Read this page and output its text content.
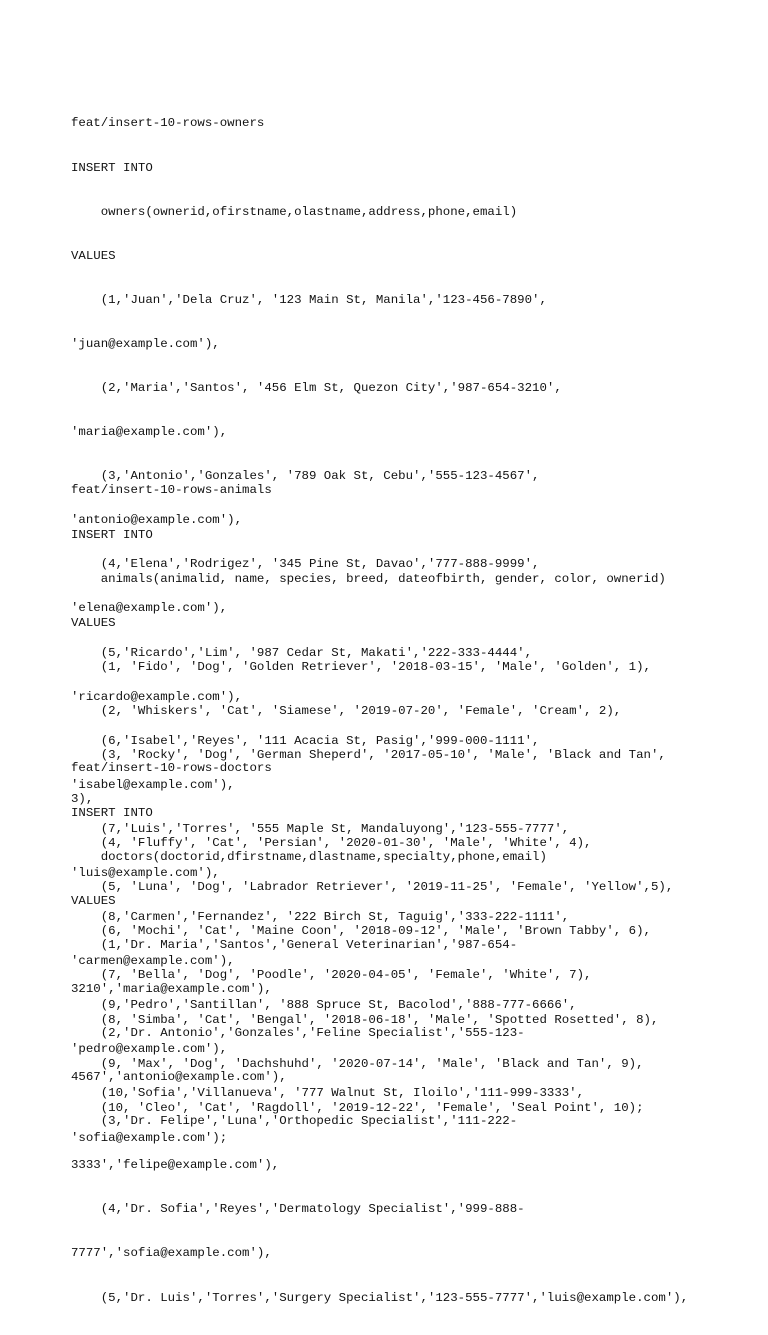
feat/insert-10-rows-owners

INSERT INTO

owners(ownerid,ofirstname,olastname,address,phone,email)

VALUES

(1,'Juan','Dela Cruz', '123 Main St, Manila','123-456-7890',

'juan@example.com'),

(2,'Maria','Santos', '456 Elm St, Quezon City','987-654-3210',

'maria@example.com'),

(3,'Antonio','Gonzales', '789 Oak St, Cebu','555-123-4567',

'antonio@example.com'),

(4,'Elena','Rodrigez', '345 Pine St, Davao','777-888-9999',

'elena@example.com'),

(5,'Ricardo','Lim', '987 Cedar St, Makati','222-333-4444',

'ricardo@example.com'),

(6,'Isabel','Reyes', '111 Acacia St, Pasig','999-000-1111',

'isabel@example.com'),

(7,'Luis','Torres', '555 Maple St, Mandaluyong','123-555-7777',

'luis@example.com'),

(8,'Carmen','Fernandez', '222 Birch St, Taguig','333-222-1111',

'carmen@example.com'),

(9,'Pedro','Santillan', '888 Spruce St, Bacolod','888-777-6666',

'pedro@example.com'),

(10,'Sofia','Villanueva', '777 Walnut St, Iloilo','111-999-3333',

'sofia@example.com');

feat/insert-10-rows-animals

INSERT INTO

animals(animalid, name, species, breed, dateofbirth, gender, color, ownerid)

VALUES

(1, 'Fido', 'Dog', 'Golden Retriever', '2018-03-15', 'Male', 'Golden', 1),

(2, 'Whiskers', 'Cat', 'Siamese', '2019-07-20', 'Female', 'Cream', 2),

(3, 'Rocky', 'Dog', 'German Sheperd', '2017-05-10', 'Male', 'Black and Tan',

3),

(4, 'Fluffy', 'Cat', 'Persian', '2020-01-30', 'Male', 'White', 4),

(5, 'Luna', 'Dog', 'Labrador Retriever', '2019-11-25', 'Female', 'Yellow',5),

(6, 'Mochi', 'Cat', 'Maine Coon', '2018-09-12', 'Male', 'Brown Tabby', 6),

(7, 'Bella', 'Dog', 'Poodle', '2020-04-05', 'Female', 'White', 7),

(8, 'Simba', 'Cat', 'Bengal', '2018-06-18', 'Male', 'Spotted Rosetted', 8),

(9, 'Max', 'Dog', 'Dachshuhd', '2020-07-14', 'Male', 'Black and Tan', 9),

(10, 'Cleo', 'Cat', 'Ragdoll', '2019-12-22', 'Female', 'Seal Point', 10);

feat/insert-10-rows-doctors

INSERT INTO

doctors(doctorid,dfirstname,dlastname,specialty,phone,email)

VALUES

(1,'Dr. Maria','Santos','General Veterinarian','987-654-

3210','maria@example.com'),

(2,'Dr. Antonio','Gonzales','Feline Specialist','555-123-

4567','antonio@example.com'),

(3,'Dr. Felipe','Luna','Orthopedic Specialist','111-222-

3333','felipe@example.com'),

(4,'Dr. Sofia','Reyes','Dermatology Specialist','999-888-

7777','sofia@example.com'),

(5,'Dr. Luis','Torres','Surgery Specialist','123-555-7777','luis@example.com'),
